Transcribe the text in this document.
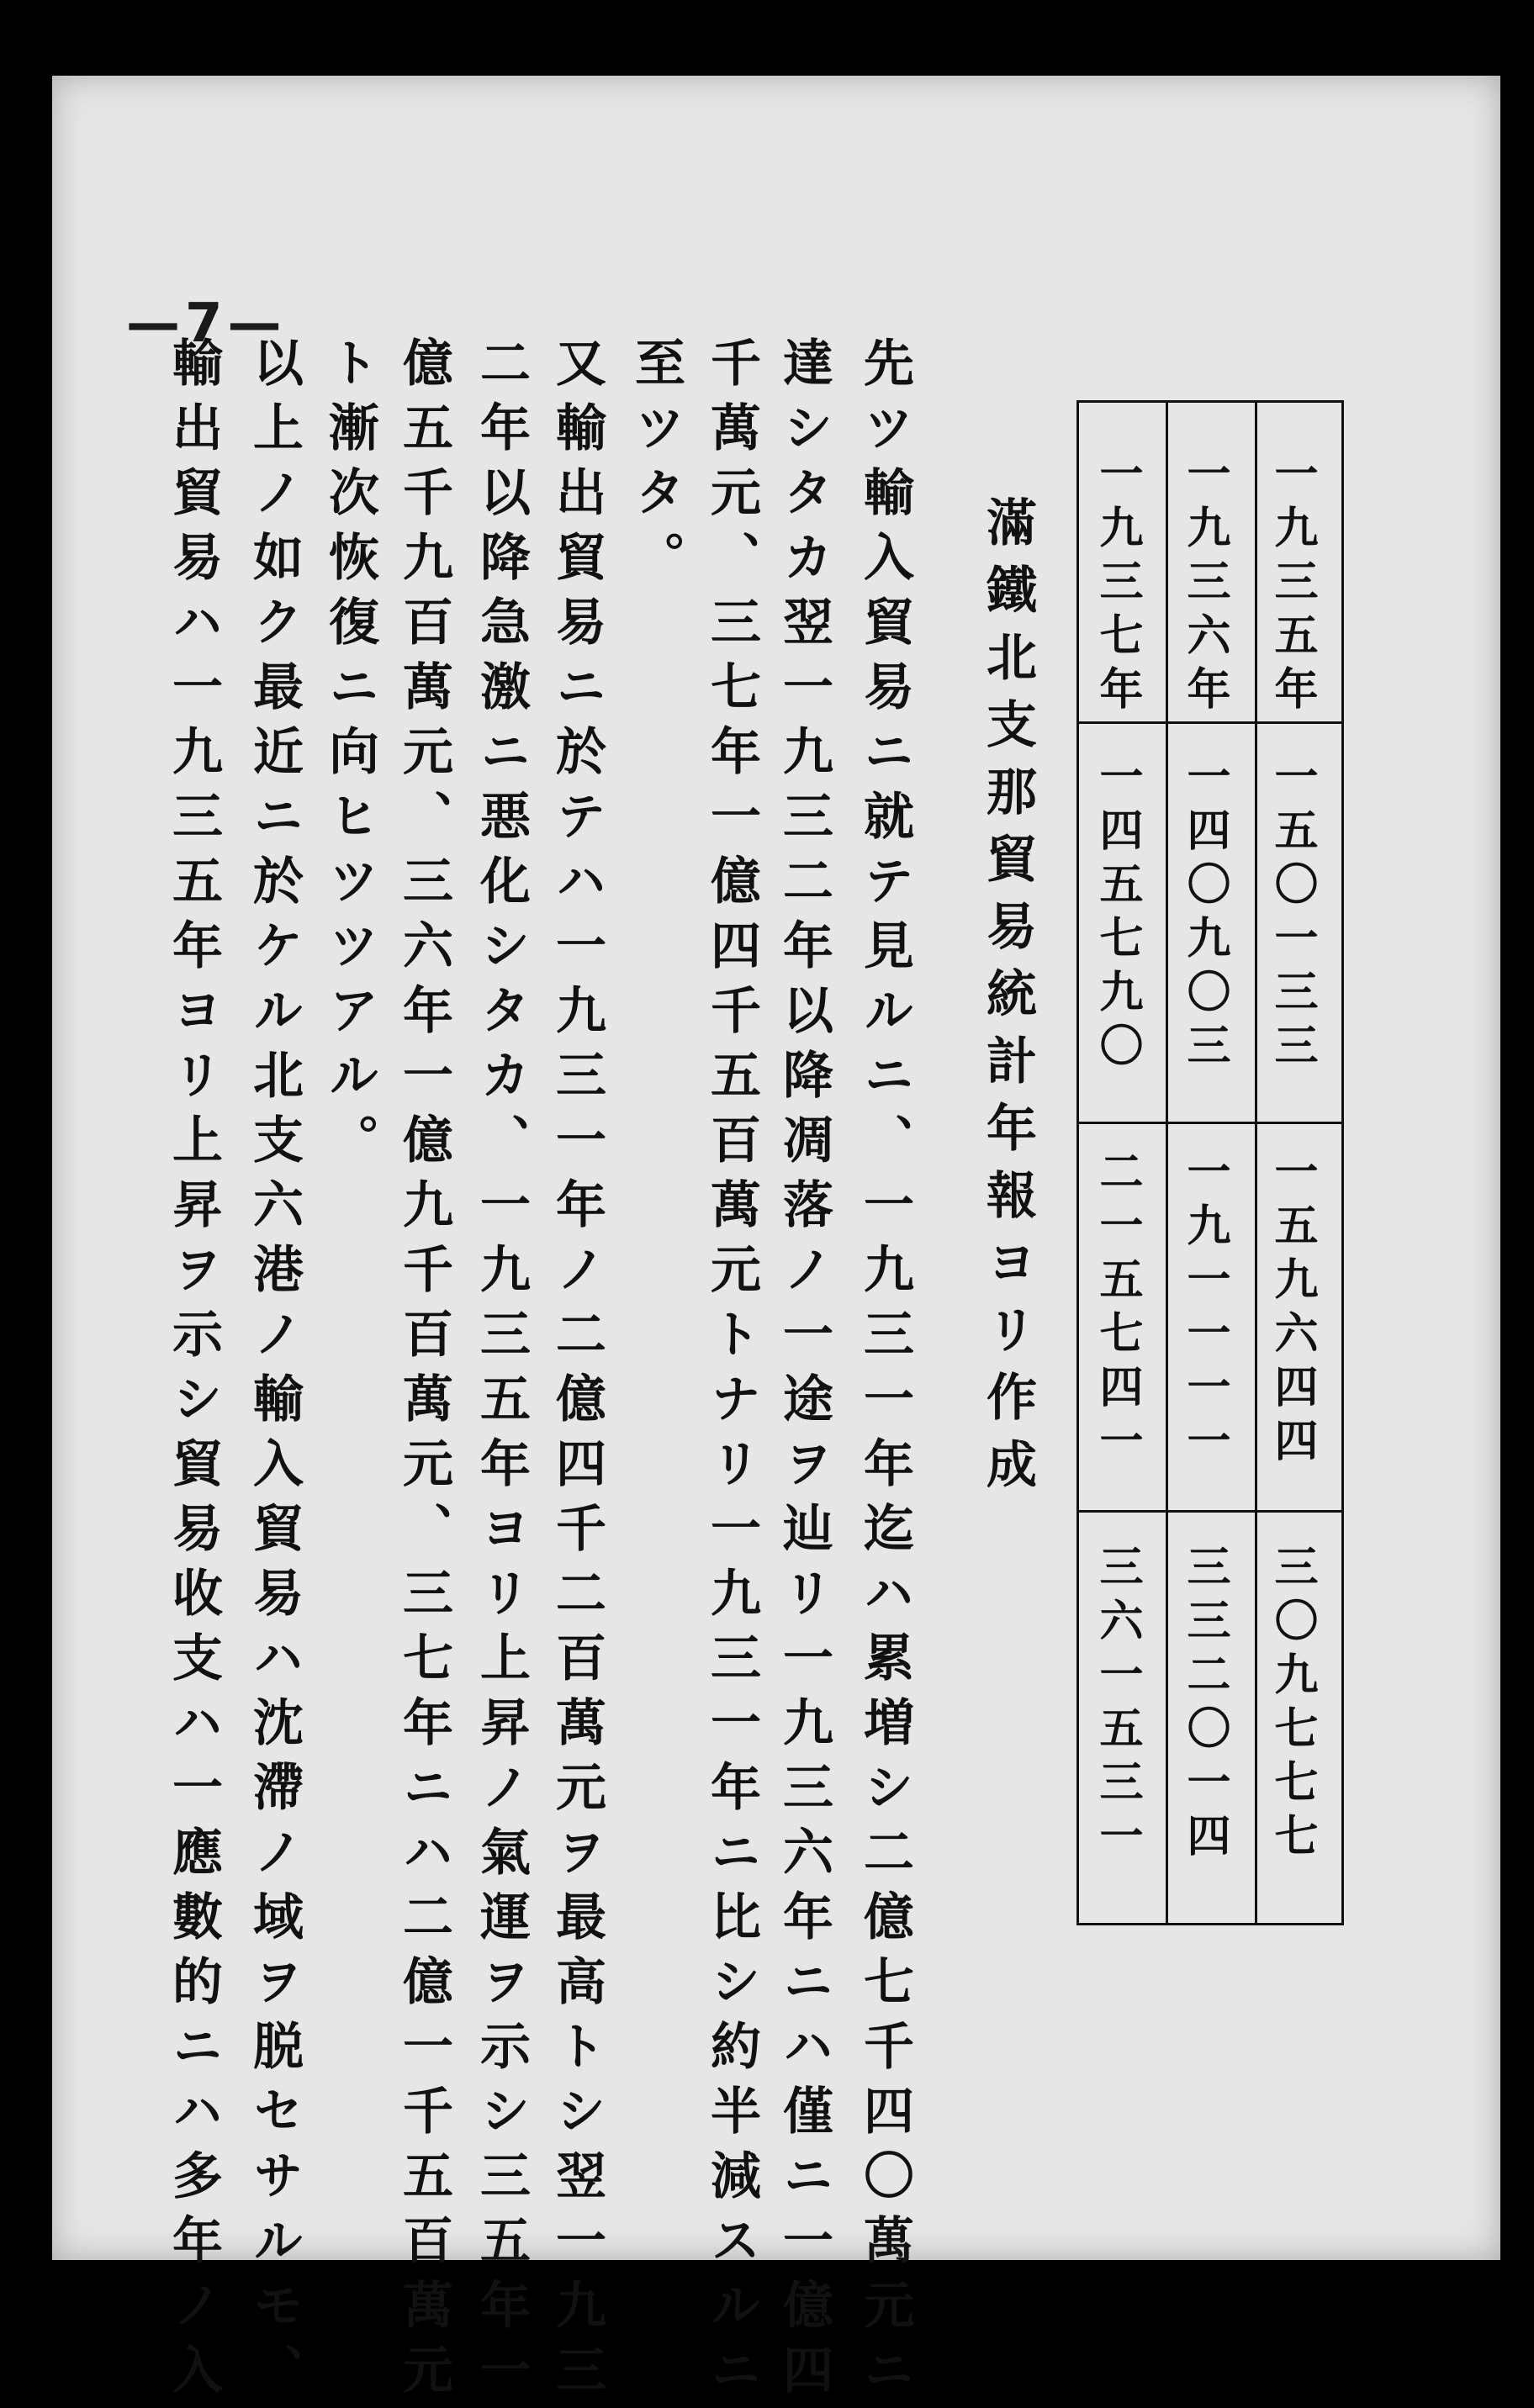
—7—
一九三五年
一五〇一三三
一五九六四四
三〇九七七七
一九三六年
一四〇九〇三
一九一一一一
三三二〇一四
一九三七年
一四五七九〇
二一五七四一
三六一五三一
滿鐵北支那貿易統計年報ヨリ作成
先ツ輸入貿易ニ就テ見ルニ、一九三一年迄ハ累増シ二億七千四〇萬元ニ
達シタカ翌一九三二年以降凋落ノ一途ヲ辿リ一九三六年ニハ僅ニ一億四
千萬元、三七年一億四千五百萬元トナリ一九三一年ニ比シ約半減スルニ
至ツタ。
又輸出貿易ニ於テハ一九三一年ノ二億四千二百萬元ヲ最高トシ翌一九三
二年以降急激ニ悪化シタカ、一九三五年ヨリ上昇ノ氣運ヲ示シ三五年一
億五千九百萬元、三六年一億九千百萬元、三七年ニハ二億一千五百萬元
ト漸次恢復ニ向ヒツツアル。
以上ノ如ク最近ニ於ケル北支六港ノ輸入貿易ハ沈滯ノ域ヲ脱セサルモ、
輸出貿易ハ一九三五年ヨリ上昇ヲ示シ貿易收支ハ一應數的ニハ多年ノ入
